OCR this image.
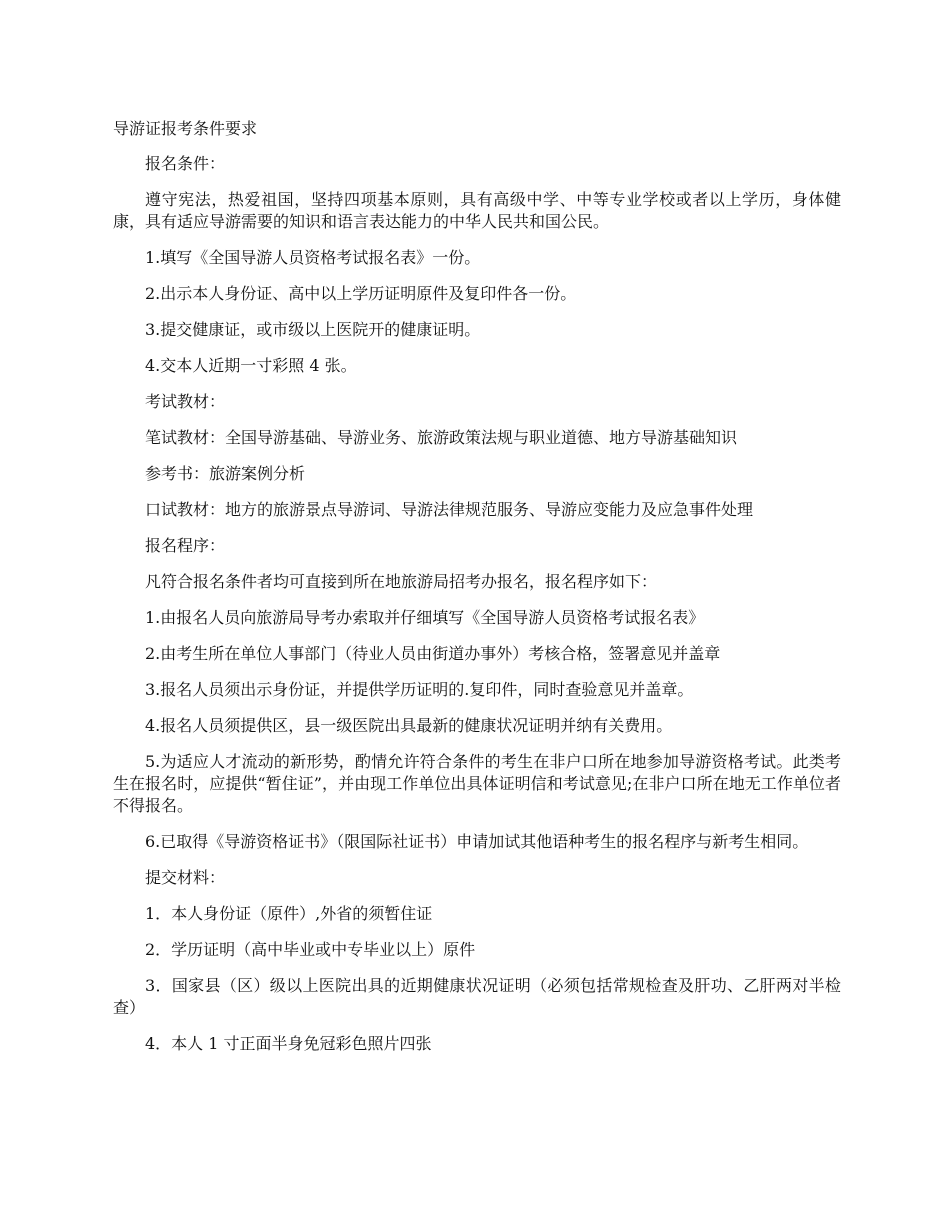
导游证报考条件要求

报名条件：

遵守宪法，热爱祖国，坚持四项基本原则，具有高级中学、中等专业学校或者以上学历，身体健康，具有适应导游需要的知识和语言表达能力的中华人民共和国公民。

1.填写《全国导游人员资格考试报名表》一份。

2.出示本人身份证、高中以上学历证明原件及复印件各一份。

3.提交健康证，或市级以上医院开的健康证明。

4.交本人近期一寸彩照 4 张。

考试教材：

笔试教材：全国导游基础、导游业务、旅游政策法规与职业道德、地方导游基础知识

参考书：旅游案例分析

口试教材：地方的旅游景点导游词、导游法律规范服务、导游应变能力及应急事件处理

报名程序：

凡符合报名条件者均可直接到所在地旅游局招考办报名，报名程序如下：

1.由报名人员向旅游局导考办索取并仔细填写《全国导游人员资格考试报名表》

2.由考生所在单位人事部门（待业人员由街道办事外）考核合格，签署意见并盖章

3.报名人员须出示身份证，并提供学历证明的.复印件，同时查验意见并盖章。

4.报名人员须提供区，县一级医院出具最新的健康状况证明并纳有关费用。

5.为适应人才流动的新形势，酌情允许符合条件的考生在非户口所在地参加导游资格考试。此类考生在报名时，应提供“暂住证”，并由现工作单位出具体证明信和考试意见;在非户口所在地无工作单位者不得报名。

6.已取得《导游资格证书》（限国际社证书）申请加试其他语种考生的报名程序与新考生相同。

提交材料：

1．本人身份证（原件）,外省的须暂住证

2．学历证明（高中毕业或中专毕业以上）原件

3．国家县（区）级以上医院出具的近期健康状况证明（必须包括常规检查及肝功、乙肝两对半检查）

4．本人 1 寸正面半身免冠彩色照片四张
